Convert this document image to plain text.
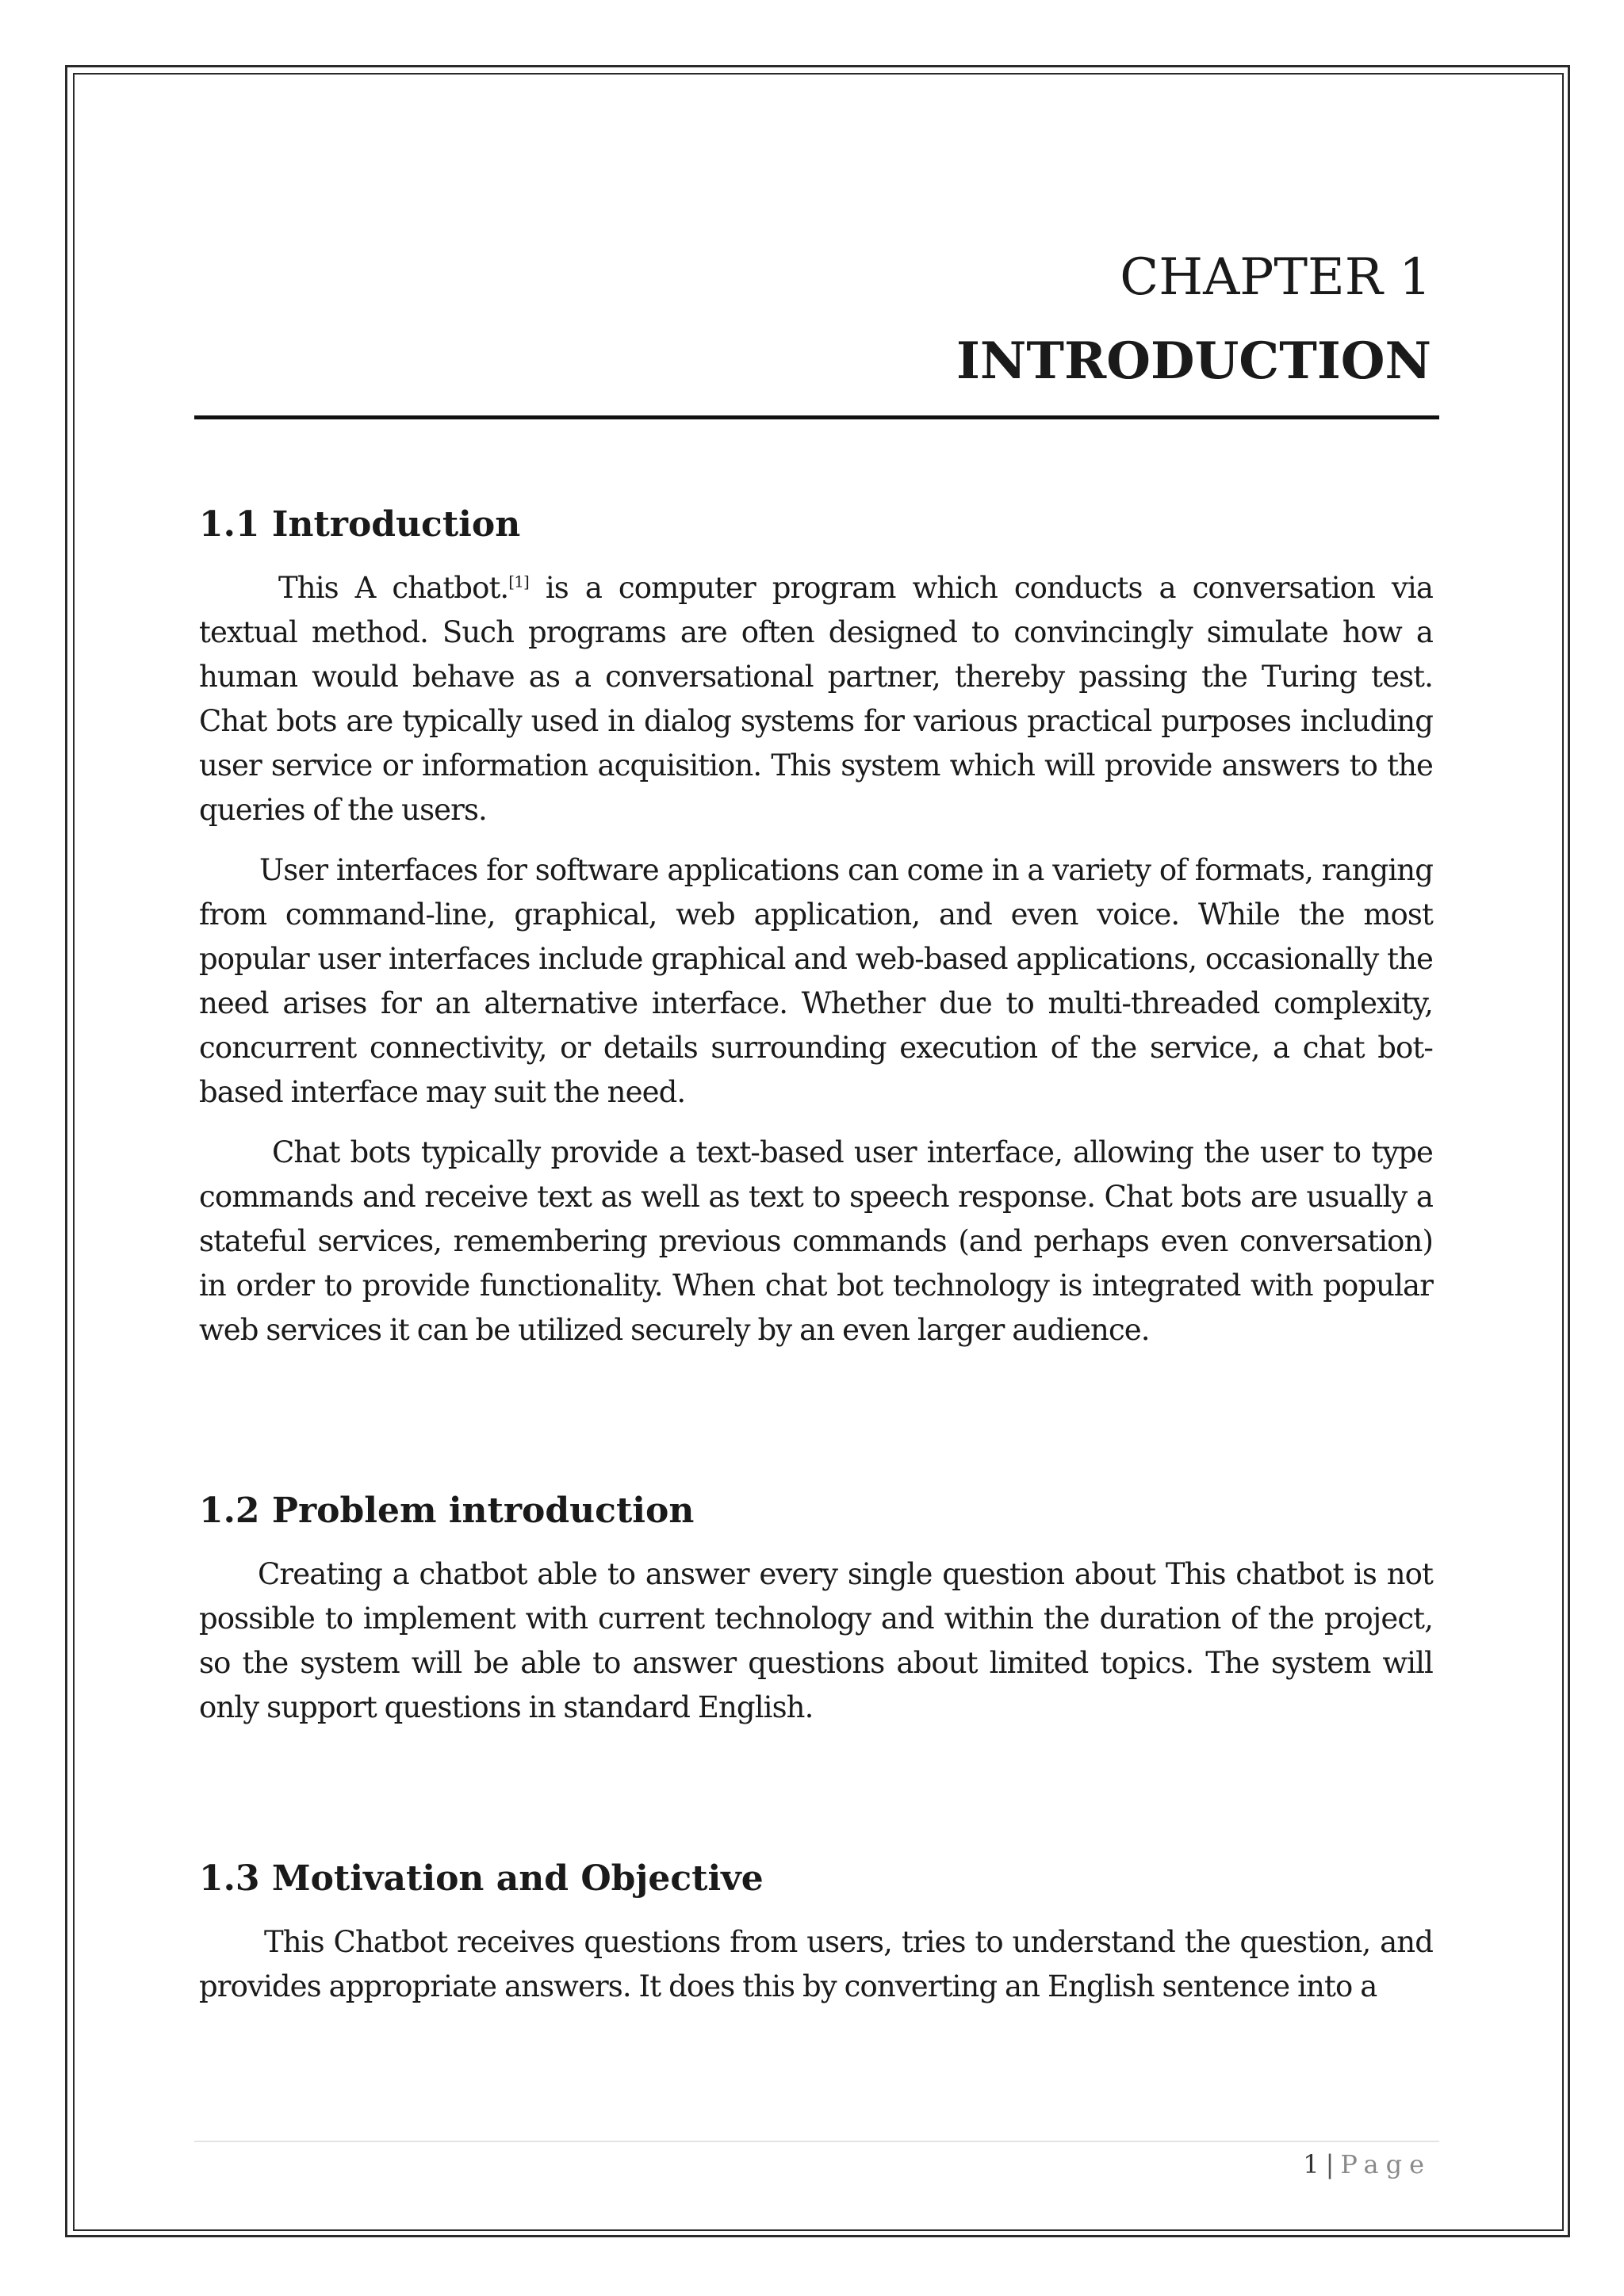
CHAPTER 1
INTRODUCTION
1.1 Introduction

This A chatbot.[1] is a computer program which conducts a conversation via textual method. Such programs are often designed to convincingly simulate how a human would behave as a conversational partner, thereby passing the Turing test. Chat bots are typically used in dialog systems for various practical purposes including user service or information acquisition. This system which will provide answers to the queries of the users.

User interfaces for software applications can come in a variety of formats, ranging from command-line, graphical, web application, and even voice. While the most popular user interfaces include graphical and web-based applications, occasionally the need arises for an alternative interface. Whether due to multi-threaded complexity, concurrent connectivity, or details surrounding execution of the service, a chat bot-based interface may suit the need.

Chat bots typically provide a text-based user interface, allowing the user to type commands and receive text as well as text to speech response. Chat bots are usually a stateful services, remembering previous commands (and perhaps even conversation) in order to provide functionality. When chat bot technology is integrated with popular web services it can be utilized securely by an even larger audience.

1.2 Problem introduction

Creating a chatbot able to answer every single question about This chatbot is not possible to implement with current technology and within the duration of the project, so the system will be able to answer questions about limited topics. The system will only support questions in standard English.

1.3 Motivation and Objective

This Chatbot receives questions from users, tries to understand the question, and provides appropriate answers. It does this by converting an English sentence into a

1 | Page
